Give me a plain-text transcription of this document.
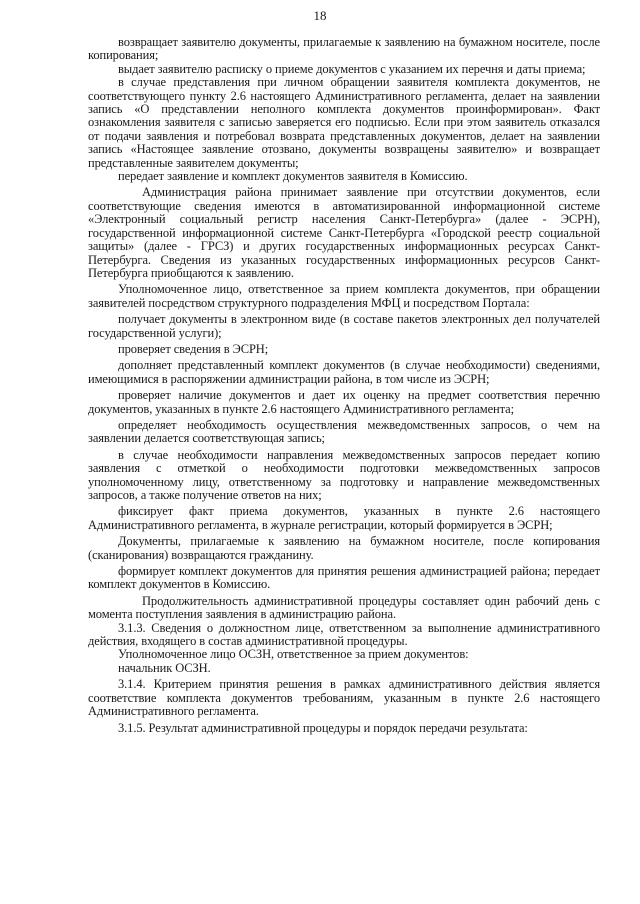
18

возвращает заявителю документы, прилагаемые к заявлению на бумажном носителе, после копирования;

выдает заявителю расписку о приеме документов с указанием их перечня и даты приема;

в случае представления при личном обращении заявителя комплекта документов, не соответствующего пункту 2.6 настоящего Административного регламента, делает на заявлении запись «О представлении неполного комплекта документов проинформирован». Факт ознакомления заявителя с записью заверяется его подписью. Если при этом заявитель отказался от подачи заявления и потребовал возврата представленных документов, делает на заявлении запись «Настоящее заявление отозвано, документы возвращены заявителю» и возвращает представленные заявителем документы;

передает заявление и комплект документов заявителя в Комиссию.

Администрация района принимает заявление при отсутствии документов, если соответствующие сведения имеются в автоматизированной информационной системе «Электронный социальный регистр населения Санкт-Петербурга» (далее - ЭСРН), государственной информационной системе Санкт-Петербурга «Городской реестр социальной защиты» (далее - ГРСЗ) и других государственных информационных ресурсах Санкт-Петербурга. Сведения из указанных государственных информационных ресурсов Санкт-Петербурга приобщаются к заявлению.

Уполномоченное лицо, ответственное за прием комплекта документов, при обращении заявителей посредством структурного подразделения МФЦ и посредством Портала:

получает документы в электронном виде (в составе пакетов электронных дел получателей государственной услуги);

проверяет сведения в ЭСРН;

дополняет представленный комплект документов (в случае необходимости) сведениями, имеющимися в распоряжении администрации района, в том числе из ЭСРН;

проверяет наличие документов и дает их оценку на предмет соответствия перечню документов, указанных в пункте 2.6 настоящего Административного регламента;

определяет необходимость осуществления межведомственных запросов, о чем на заявлении делается соответствующая запись;

в случае необходимости направления межведомственных запросов передает копию заявления с отметкой о необходимости подготовки межведомственных запросов уполномоченному лицу, ответственному за подготовку и направление межведомственных запросов, а также получение ответов на них;

фиксирует факт приема документов, указанных в пункте 2.6 настоящего Административного регламента, в журнале регистрации, который формируется в ЭСРН;

Документы, прилагаемые к заявлению на бумажном носителе, после копирования (сканирования) возвращаются гражданину.

формирует комплект документов для принятия решения администрацией района; передает комплект документов в Комиссию.

Продолжительность административной процедуры составляет один рабочий день с момента поступления заявления в администрацию района.

3.1.3. Сведения о должностном лице, ответственном за выполнение административного действия, входящего в состав административной процедуры.

Уполномоченное лицо ОСЗН, ответственное за прием документов:

начальник ОСЗН.

3.1.4. Критерием принятия решения в рамках административного действия является соответствие комплекта документов требованиям, указанным в пункте 2.6 настоящего Административного регламента.

3.1.5. Результат административной процедуры и порядок передачи результата:
